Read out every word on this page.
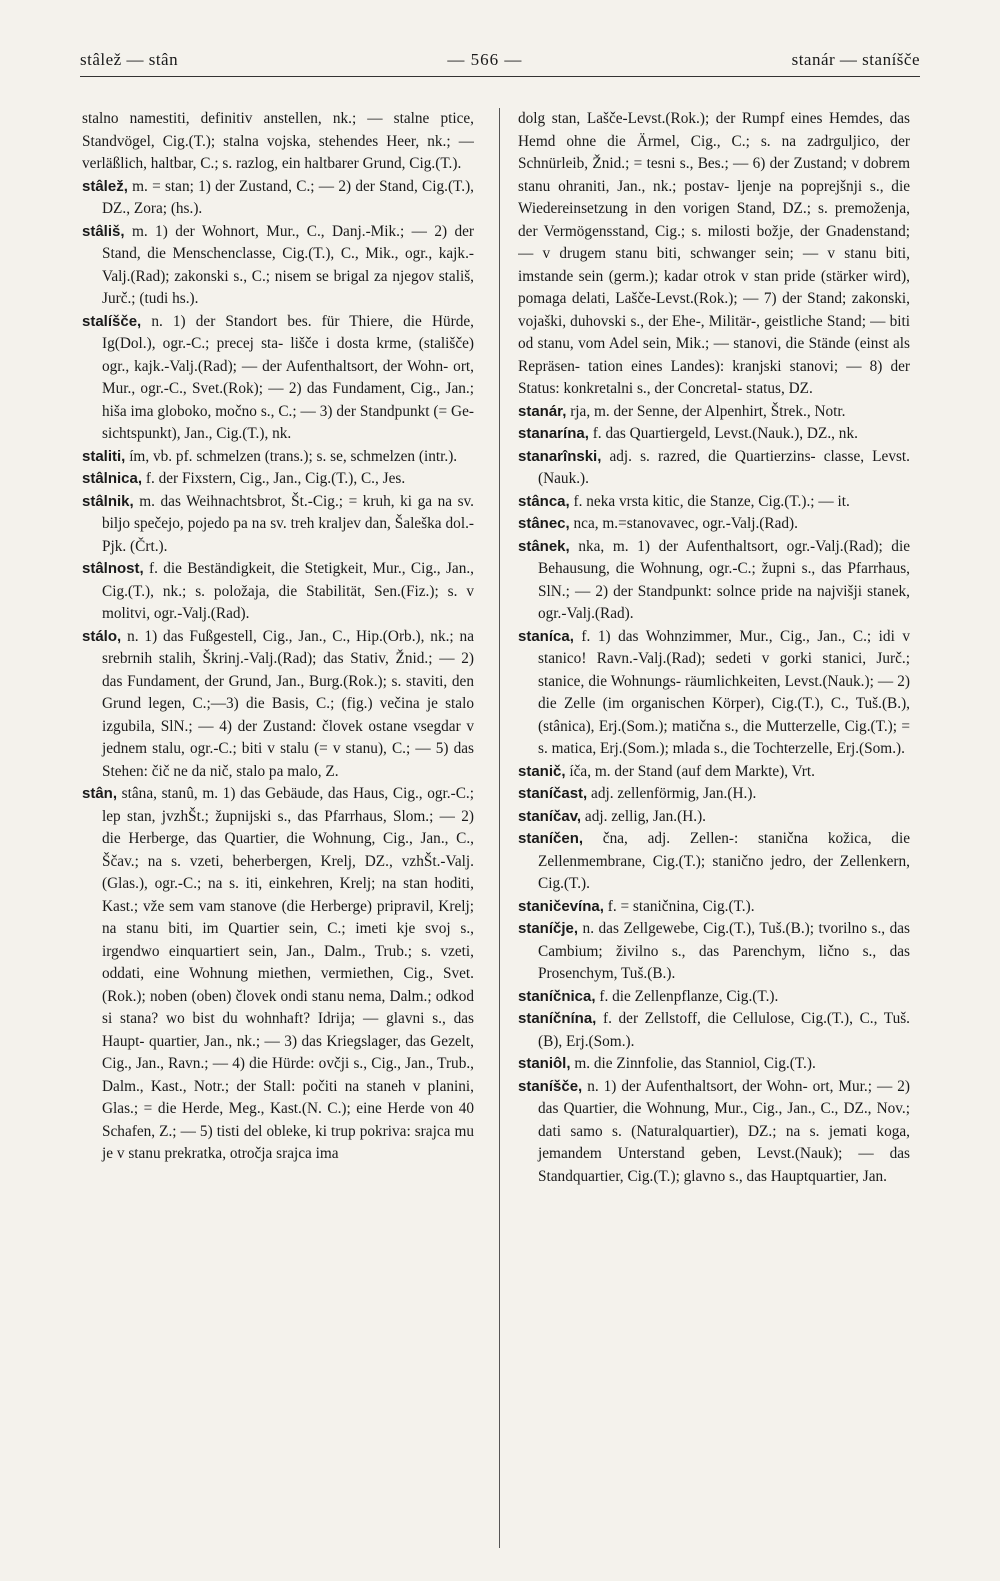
stâlež — stân	— 566 —	stanár — staníšče

stalno namestiti, definitiv anstellen, nk.; — stalne ptice, Standvögel, Cig.(T.); stalna vojska, stehendes Heer, nk.; — verläßlich, haltbar, C.; s. razlog, ein haltbarer Grund, Cig.(T.).

stâlež, m. = stan; 1) der Zustand, C.; — 2) der Stand, Cig.(T.), DZ., Zora; (hs.).

stâliš, m. 1) der Wohnort, Mur., C., Danj.-Mik.; — 2) der Stand, die Menschenclasse, Cig.(T.), C., Mik., ogr., kajk.-Valj.(Rad); zakonski s., C.; nisem se brigal za njegov stališ, Jurč.; (tudi hs.).

stalíšče, n. 1) der Standort bes. für Thiere, die Hürde, Ig(Dol.), ogr.-C.; precej sta- lišče i dosta krme, (stališče) ogr., kajk.-Valj.(Rad); — der Aufenthaltsort, der Wohn- ort, Mur., ogr.-C., Svet.(Rok); — 2) das Fundament, Cig., Jan.; hiša ima globoko, močno s., C.; — 3) der Standpunkt (= Ge- sichtspunkt), Jan., Cig.(T.), nk.

staliti, ím, vb. pf. schmelzen (trans.); s. se, schmelzen (intr.).

stâlnica, f. der Fixstern, Cig., Jan., Cig.(T.), C., Jes.

stâlnik, m. das Weihnachtsbrot, Št.-Cig.; = kruh, ki ga na sv. biljo spečejo, pojedo pa na sv. treh kraljev dan, Šaleška dol.-Pjk. (Črt.).

stâlnost, f. die Beständigkeit, die Stetigkeit, Mur., Cig., Jan., Cig.(T.), nk.; s. položaja, die Stabilität, Sen.(Fiz.); s. v molitvi, ogr.-Valj.(Rad).

stálo, n. 1) das Fußgestell, Cig., Jan., C., Hip.(Orb.), nk.; na srebrnih stalih, Škrinj.-Valj.(Rad); das Stativ, Žnid.; — 2) das Fundament, der Grund, Jan., Burg.(Rok.); s. staviti, den Grund legen, C.;—3) die Basis, C.; (fig.) večina je stalo izgubila, SlN.; — 4) der Zustand: človek ostane vsegdar v jednem stalu, ogr.-C.; biti v stalu (= v stanu), C.; — 5) das Stehen: čič ne da nič, stalo pa malo, Z.

stân, stâna, stanû, m. 1) das Gebäude, das Haus, Cig., ogr.-C.; lep stan, jvzhŠt.; župnijski s., das Pfarrhaus, Slom.; — 2) die Herberge, das Quartier, die Wohnung, Cig., Jan., C., Ščav.; na s. vzeti, beherbergen, Krelj, DZ., vzhŠt.-Valj.(Glas.), ogr.-C.; na s. iti, einkehren, Krelj; na stan hoditi, Kast.; vže sem vam stanove (die Herberge) pripravil, Krelj; na stanu biti, im Quartier sein, C.; imeti kje svoj s., irgendwo einquartiert sein, Jan., Dalm., Trub.; s. vzeti, oddati, eine Wohnung miethen, vermiethen, Cig., Svet.(Rok.); noben (oben) človek ondi stanu nema, Dalm.; odkod si stana? wo bist du wohnhaft? Idrija; — glavni s., das Haupt- quartier, Jan., nk.; — 3) das Kriegslager, das Gezelt, Cig., Jan., Ravn.; — 4) die Hürde: ovčji s., Cig., Jan., Trub., Dalm., Kast., Notr.; der Stall: počiti na staneh v planini, Glas.; = die Herde, Meg., Kast.(N. C.); eine Herde von 40 Schafen, Z.; — 5) tisti del obleke, ki trup pokriva: srajca mu je v stanu prekratka, otročja srajca ima

dolg stan, Lašče-Levst.(Rok.); der Rumpf eines Hemdes, das Hemd ohne die Ärmel, Cig., C.; s. na zadrguljico, der Schnürleib, Žnid.; = tesni s., Bes.; — 6) der Zustand; v dobrem stanu ohraniti, Jan., nk.; postav- ljenje na poprejšnji s., die Wiedereinsetzung in den vorigen Stand, DZ.; s. premoženja, der Vermögensstand, Cig.; s. milosti božje, der Gnadenstand; — v drugem stanu biti, schwanger sein; — v stanu biti, imstande sein (germ.); kadar otrok v stan pride (stärker wird), pomaga delati, Lašče-Levst.(Rok.); — 7) der Stand; zakonski, vojaški, duhovski s., der Ehe-, Militär-, geistliche Stand; — biti od stanu, vom Adel sein, Mik.; — stanovi, die Stände (einst als Repräsen- tation eines Landes): kranjski stanovi; — 8) der Status: konkretalni s., der Concretal- status, DZ.

stanár, rja, m. der Senne, der Alpenhirt, Štrek., Notr.

stanarína, f. das Quartiergeld, Levst.(Nauk.), DZ., nk.

stanarînski, adj. s. razred, die Quartierzins- classe, Levst.(Nauk.).

stânca, f. neka vrsta kitic, die Stanze, Cig.(T.).; — it.

stânec, nca, m.=stanovavec, ogr.-Valj.(Rad).

stânek, nka, m. 1) der Aufenthaltsort, ogr.-Valj.(Rad); die Behausung, die Wohnung, ogr.-C.; župni s., das Pfarrhaus, SlN.; — 2) der Standpunkt: solnce pride na najvišji stanek, ogr.-Valj.(Rad).

staníca, f. 1) das Wohnzimmer, Mur., Cig., Jan., C.; idi v stanico! Ravn.-Valj.(Rad); sedeti v gorki stanici, Jurč.; stanice, die Wohnungs- räumlichkeiten, Levst.(Nauk.); — 2) die Zelle (im organischen Körper), Cig.(T.), C., Tuš.(B.), (stânica), Erj.(Som.); matična s., die Mutterzelle, Cig.(T.); = s. matica, Erj.(Som.); mlada s., die Tochterzelle, Erj.(Som.).

stanič, íča, m. der Stand (auf dem Markte), Vrt.

staníčast, adj. zellenförmig, Jan.(H.).

staníčav, adj. zellig, Jan.(H.).

staníčen, čna, adj. Zellen-: stanična kožica, die Zellenmembrane, Cig.(T.); stanično jedro, der Zellenkern, Cig.(T.).

staničevína, f. = staničnina, Cig.(T.).

staníčje, n. das Zellgewebe, Cig.(T.), Tuš.(B.); tvorilno s., das Cambium; živilno s., das Parenchym, lično s., das Prosenchym, Tuš.(B.).

staníčnica, f. die Zellenpflanze, Cig.(T.).

staníčnína, f. der Zellstoff, die Cellulose, Cig.(T.), C., Tuš.(B), Erj.(Som.).

staniôl, m. die Zinnfolie, das Stanniol, Cig.(T.).

staníšče, n. 1) der Aufenthaltsort, der Wohn- ort, Mur.; — 2) das Quartier, die Wohnung, Mur., Cig., Jan., C., DZ., Nov.; dati samo s. (Naturalquartier), DZ.; na s. jemati koga, jemandem Unterstand geben, Levst.(Nauk); — das Standquartier, Cig.(T.); glavno s., das Hauptquartier, Jan.
